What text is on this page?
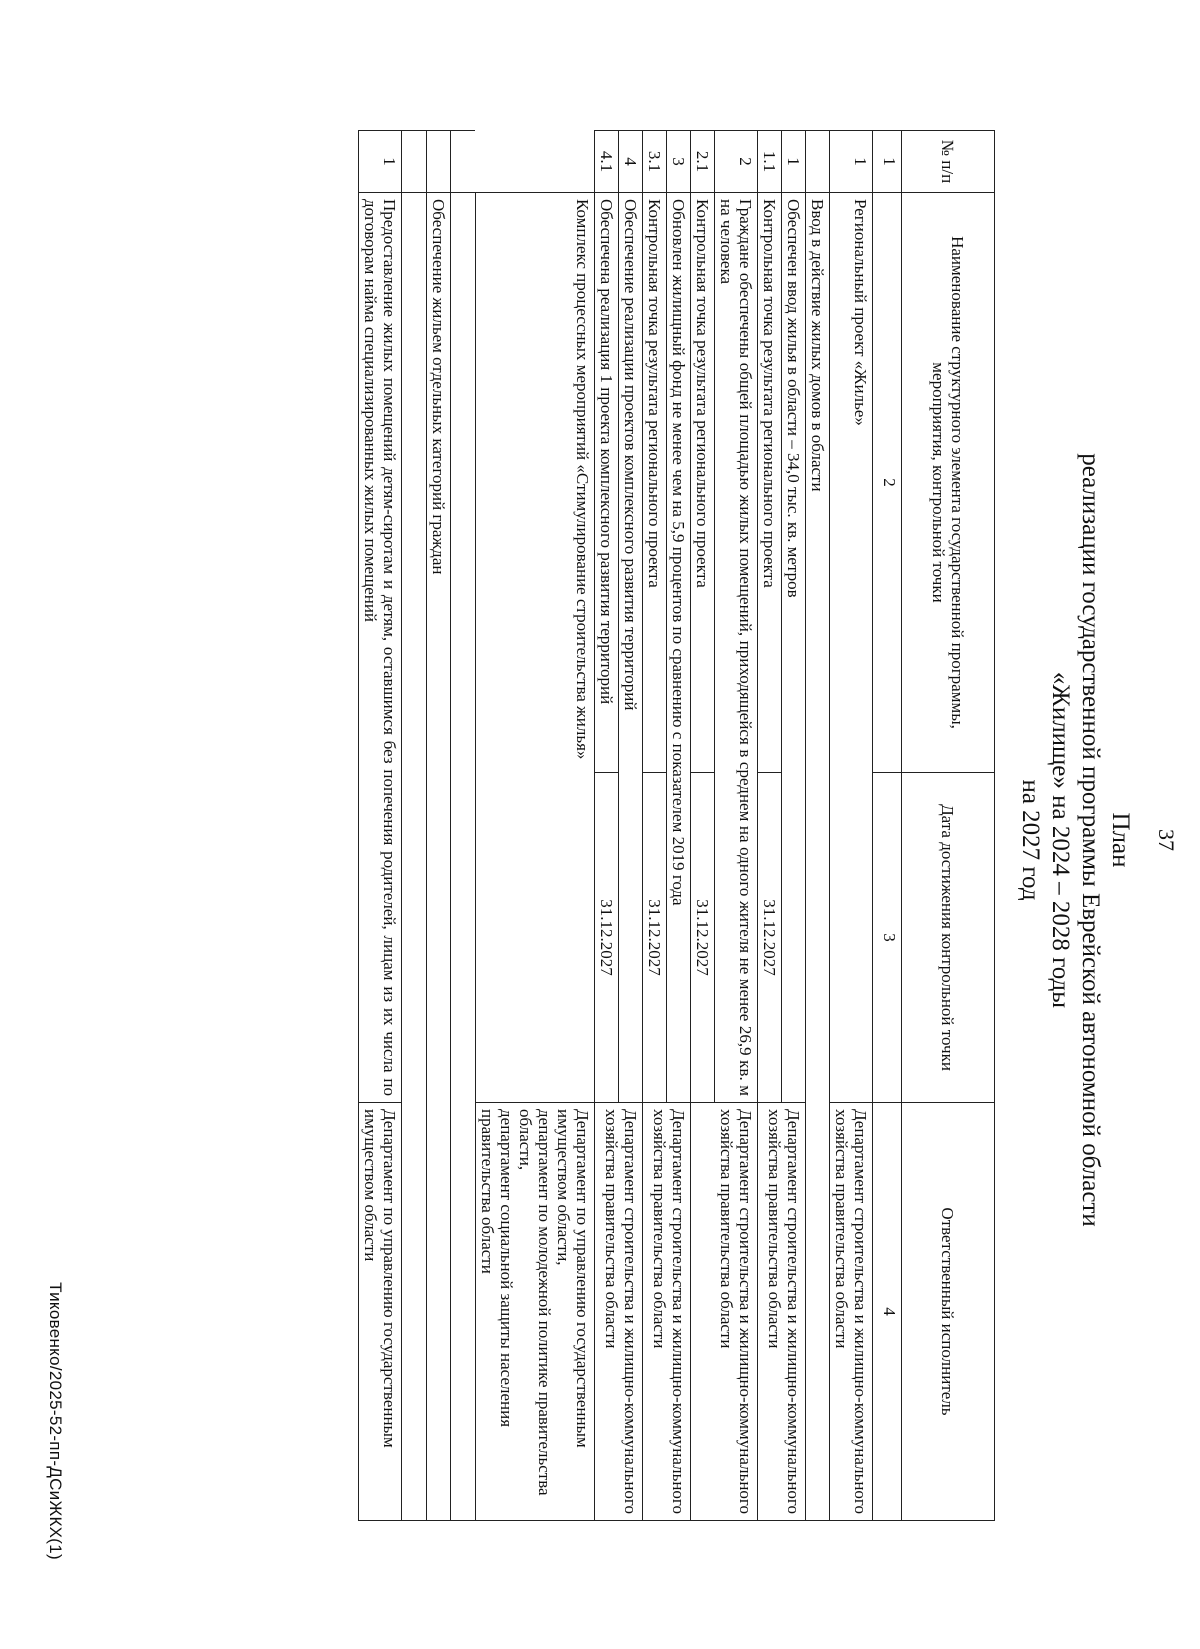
37
План
реализации государственной программы Еврейской автономной области
«Жилище» на 2024 – 2028 годы
на 2027 год
№ п/п	Наименование структурного элемента государственной программы, мероприятия, контрольной точки	Дата достижения контрольной точки	Ответственный исполнитель
1	2	3	4
1	Региональный проект «Жилье»		Департамент строительства и жилищно-коммунального хозяйства правительства области
	Ввод в действие жилых домов в области		
1	Обеспечен ввод жилья в области – 34,0 тыс. кв. метров		Департамент строительства и жилищно-коммунального хозяйства правительства области
1.1	Контрольная точка результата регионального проекта	31.12.2027	
2	Граждане обеспечены общей площадью жилых помещений, приходящейся в среднем на одного жителя не менее 26,9 кв. м на человека		Департамент строительства и жилищно-коммунального хозяйства правительства области
2.1	Контрольная точка результата регионального проекта	31.12.2027	
3	Обновлен жилищный фонд не менее чем на 5,9 процентов по сравнению с показателем 2019 года		Департамент строительства и жилищно-коммунального хозяйства правительства области
3.1	Контрольная точка результата регионального проекта	31.12.2027	
4	Обеспечение реализации проектов комплексного развития территорий		Департамент строительства и жилищно-коммунального хозяйства правительства области
4.1	Обеспечена реализация 1 проекта комплексного развития территорий	31.12.2027	
	Комплекс процессных мероприятий «Стимулирование строительства жилья»		Департамент по управлению государственным имуществом области,
департамент по молодежной политике правительства области,
департамент социальной защиты населения правительства области

	Обеспечение жильем отдельных категорий граждан		

1	Предоставление жилых помещений детям-сиротам и детям, оставшимся без попечения родителей, лицам из их числа по договорам найма специализированных жилых помещений		Департамент по управлению государственным имуществом области
Тиковенко/2025-52-пп-ДСиЖКХ(1)
